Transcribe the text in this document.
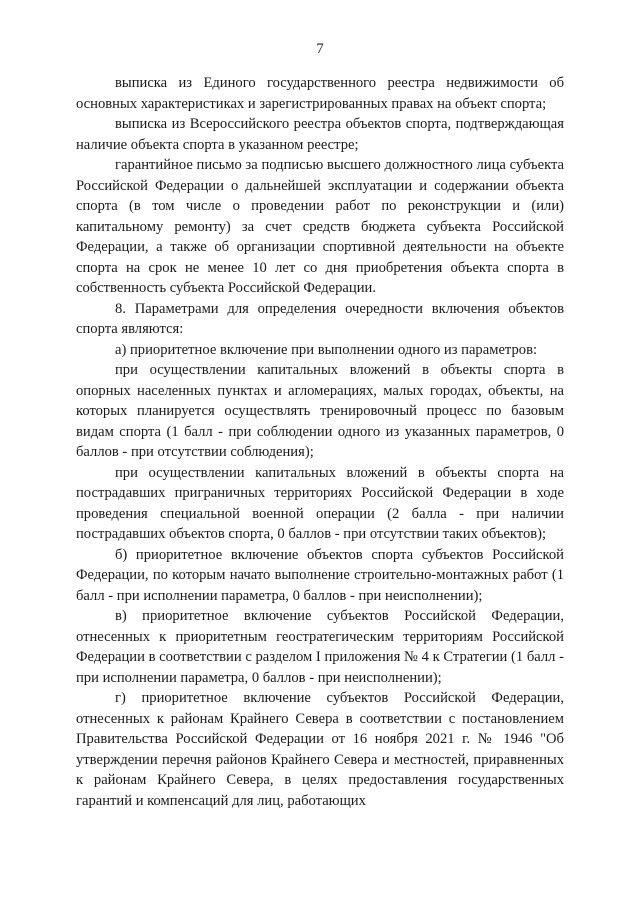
7

выписка из Единого государственного реестра недвижимости об основных характеристиках и зарегистрированных правах на объект спорта;

выписка из Всероссийского реестра объектов спорта, подтверждающая наличие объекта спорта в указанном реестре;

гарантийное письмо за подписью высшего должностного лица субъекта Российской Федерации о дальнейшей эксплуатации и содержании объекта спорта (в том числе о проведении работ по реконструкции и (или) капитальному ремонту) за счет средств бюджета субъекта Российской Федерации, а также об организации спортивной деятельности на объекте спорта на срок не менее 10 лет со дня приобретения объекта спорта в собственность субъекта Российской Федерации.

8. Параметрами для определения очередности включения объектов спорта являются:

а) приоритетное включение при выполнении одного из параметров:

при осуществлении капитальных вложений в объекты спорта в опорных населенных пунктах и агломерациях, малых городах, объекты, на которых планируется осуществлять тренировочный процесс по базовым видам спорта (1 балл - при соблюдении одного из указанных параметров, 0 баллов - при отсутствии соблюдения);

при осуществлении капитальных вложений в объекты спорта на пострадавших приграничных территориях Российской Федерации в ходе проведения специальной военной операции (2 балла - при наличии пострадавших объектов спорта, 0 баллов - при отсутствии таких объектов);

б) приоритетное включение объектов спорта субъектов Российской Федерации, по которым начато выполнение строительно-монтажных работ (1 балл - при исполнении параметра, 0 баллов - при неисполнении);

в) приоритетное включение субъектов Российской Федерации, отнесенных к приоритетным геостратегическим территориям Российской Федерации в соответствии с разделом I приложения № 4 к Стратегии (1 балл - при исполнении параметра, 0 баллов - при неисполнении);

г) приоритетное включение субъектов Российской Федерации, отнесенных к районам Крайнего Севера в соответствии с постановлением Правительства Российской Федерации от 16 ноября 2021 г. № 1946 "Об утверждении перечня районов Крайнего Севера и местностей, приравненных к районам Крайнего Севера, в целях предоставления государственных гарантий и компенсаций для лиц, работающих
